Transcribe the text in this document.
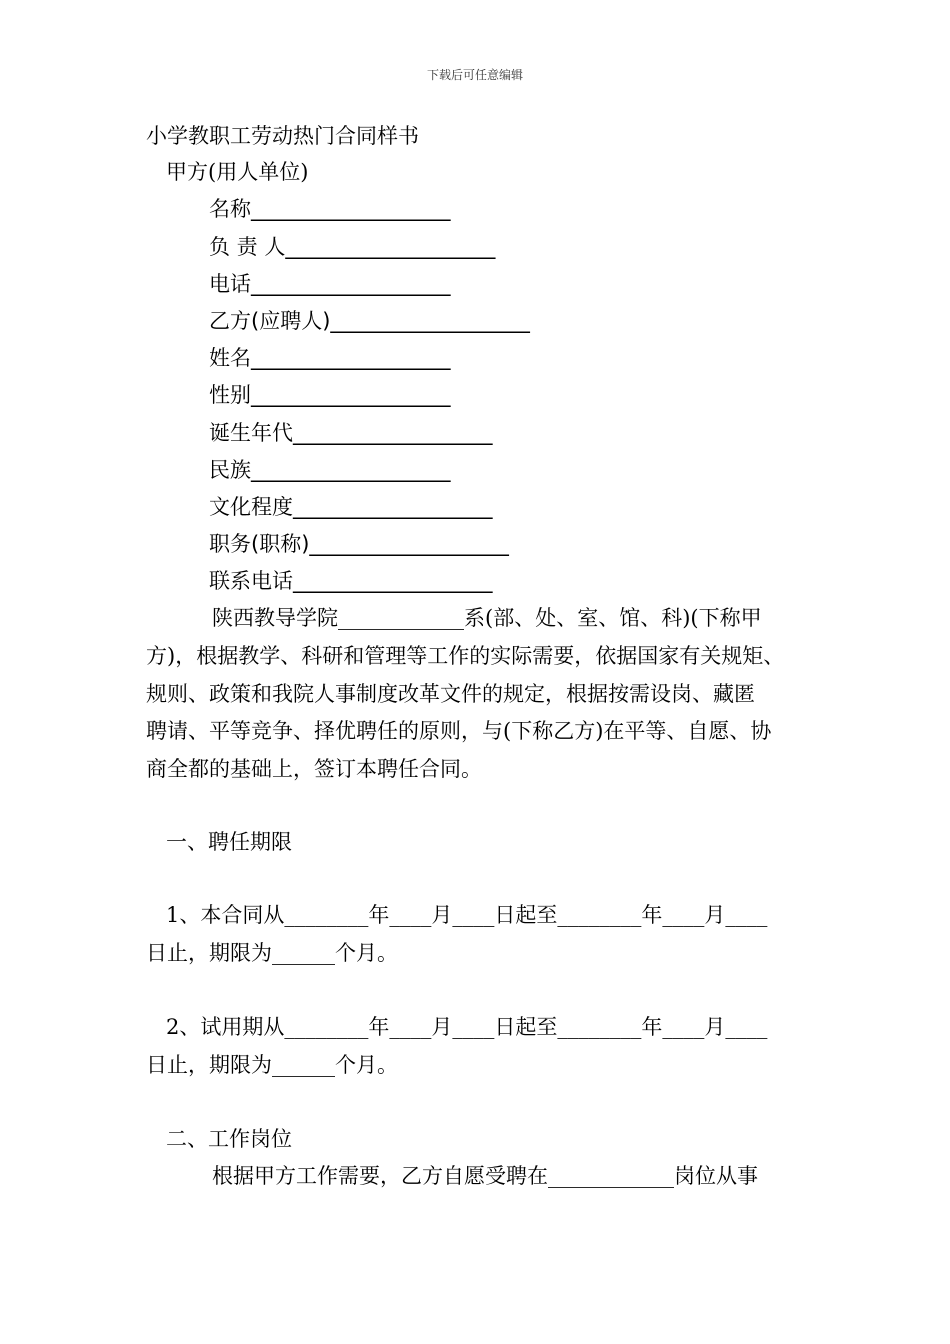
下载后可任意编辑
小学教职工劳动热门合同样书
甲方(用人单位)
名称___________________
负 责 人____________________
电话___________________
乙方(应聘人)___________________
姓名___________________
性别___________________
诞生年代___________________
民族___________________
文化程度___________________
职务(职称)___________________
联系电话___________________
陕西教导学院____________系(部、处、室、馆、科)(下称甲
方)，根据教学、科研和管理等工作的实际需要，依据国家有关规矩、
规则、政策和我院人事制度改革文件的规定，根据按需设岗、藏匿
聘请、平等竞争、择优聘任的原则，与(下称乙方)在平等、自愿、协
商全都的基础上，签订本聘任合同。
一、聘任期限
1、本合同从________年____月____日起至________年____月____
日止，期限为______个月。
2、试用期从________年____月____日起至________年____月____
日止，期限为______个月。
二、工作岗位
根据甲方工作需要，乙方自愿受聘在____________岗位从事
